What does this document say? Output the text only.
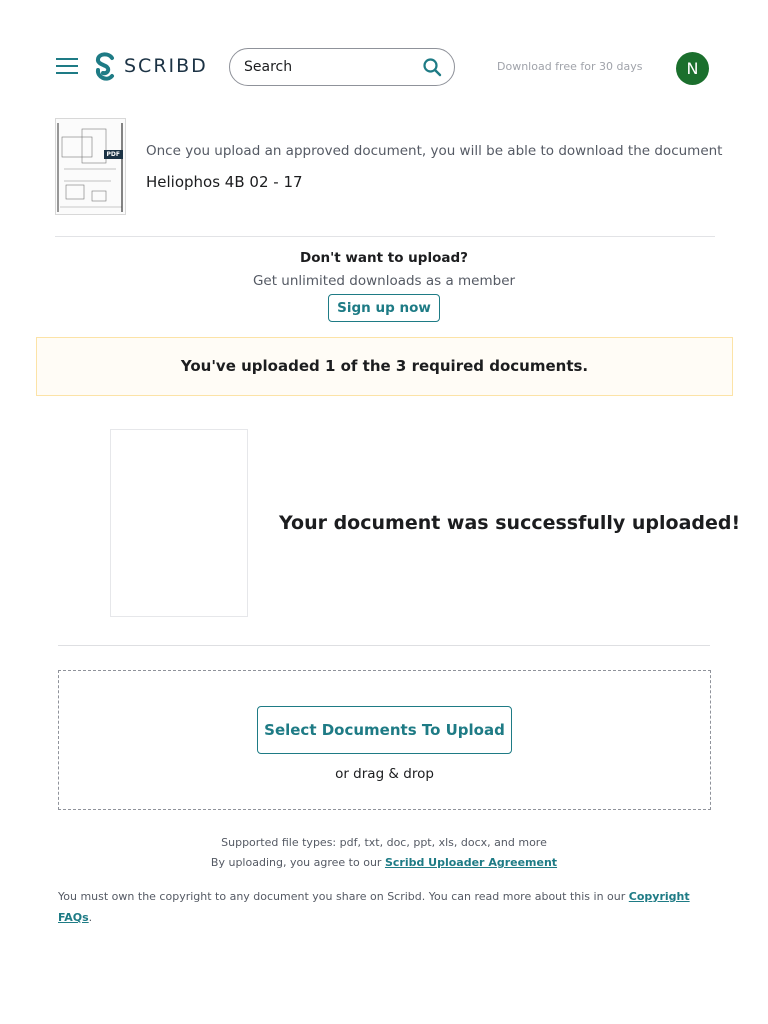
SCRIBD
Search	Download free for 30 days	N
PDF Once you upload an approved document, you will be able to download the document
Heliophos 4B 02 - 17
Don't want to upload?
Get unlimited downloads as a member
Sign up now
You've uploaded 1 of the 3 required documents.
Your document was successfully uploaded!
Select Documents To Upload
or drag & drop
Supported file types: pdf, txt, doc, ppt, xls, docx, and more
By uploading, you agree to our Scribd Uploader Agreement
You must own the copyright to any document you share on Scribd. You can read more about this in our Copyright FAQs.
